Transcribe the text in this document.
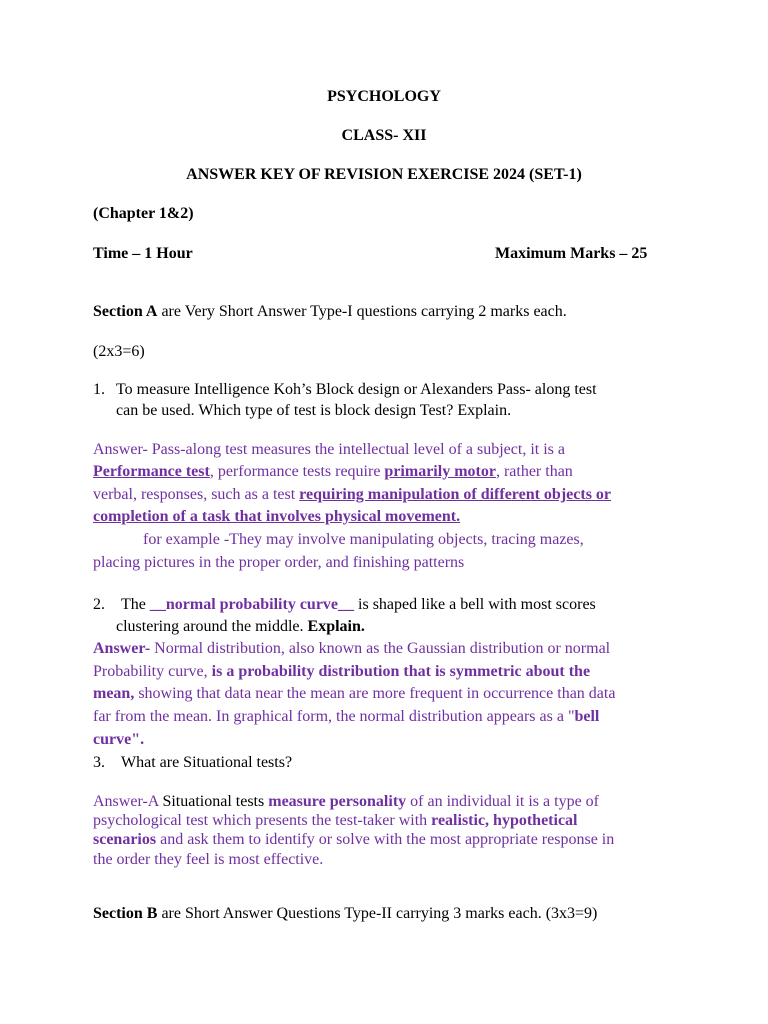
PSYCHOLOGY
CLASS- XII
ANSWER KEY OF REVISION EXERCISE 2024 (SET-1)
(Chapter 1&2)
Time – 1 Hour	Maximum Marks – 25
Section A are Very Short Answer Type-I questions carrying 2 marks each.
(2x3=6)
1. To measure Intelligence Koh’s Block design or Alexanders Pass- along test
can be used. Which type of test is block design Test? Explain.
Answer- Pass-along test measures the intellectual level of a subject, it is a
Performance test, performance tests require primarily motor, rather than
verbal, responses, such as a test requiring manipulation of different objects or
completion of a task that involves physical movement.
for example -They may involve manipulating objects, tracing mazes,
placing pictures in the proper order, and finishing patterns
2. The __normal probability curve__ is shaped like a bell with most scores
clustering around the middle. Explain.
Answer- Normal distribution, also known as the Gaussian distribution or normal
Probability curve, is a probability distribution that is symmetric about the
mean, showing that data near the mean are more frequent in occurrence than data
far from the mean. In graphical form, the normal distribution appears as a "bell
curve".
3. What are Situational tests?
Answer-A Situational tests measure personality of an individual it is a type of
psychological test which presents the test-taker with realistic, hypothetical
scenarios and ask them to identify or solve with the most appropriate response in
the order they feel is most effective.
Section B are Short Answer Questions Type-II carrying 3 marks each. (3x3=9)
